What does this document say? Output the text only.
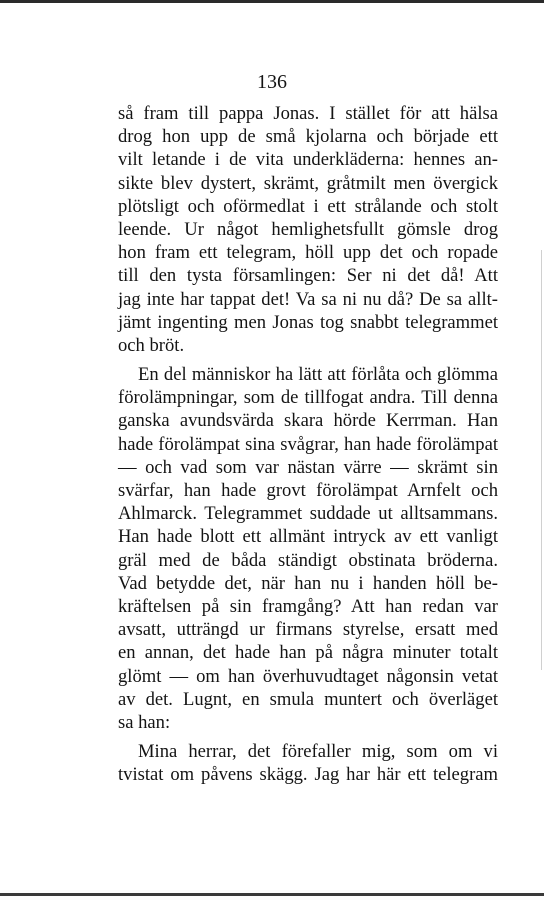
136
så fram till pappa Jonas. I stället för att hälsa
drog hon upp de små kjolarna och började ett
vilt letande i de vita underkläderna: hennes an-
sikte blev dystert, skrämt, gråtmilt men övergick
plötsligt och oförmedlat i ett strålande och stolt
leende. Ur något hemlighetsfullt gömsle drog
hon fram ett telegram, höll upp det och ropade
till den tysta församlingen: Ser ni det då! Att
jag inte har tappat det! Va sa ni nu då? De sa allt-
jämt ingenting men Jonas tog snabbt telegrammet
och bröt.
En del människor ha lätt att förlåta och glömma
förolämpningar, som de tillfogat andra. Till denna
ganska avundsvärda skara hörde Kerrman. Han
hade förolämpat sina svågrar, han hade förolämpat
— och vad som var nästan värre — skrämt sin
svärfar, han hade grovt förolämpat Arnfelt och
Ahlmarck. Telegrammet suddade ut alltsammans.
Han hade blott ett allmänt intryck av ett vanligt
gräl med de båda ständigt obstinata bröderna.
Vad betydde det, när han nu i handen höll be-
kräftelsen på sin framgång? Att han redan var
avsatt, utträngd ur firmans styrelse, ersatt med
en annan, det hade han på några minuter totalt
glömt — om han överhuvudtaget någonsin vetat
av det. Lugnt, en smula muntert och överläget
sa han:
Mina herrar, det förefaller mig, som om vi
tvistat om påvens skägg. Jag har här ett telegram
